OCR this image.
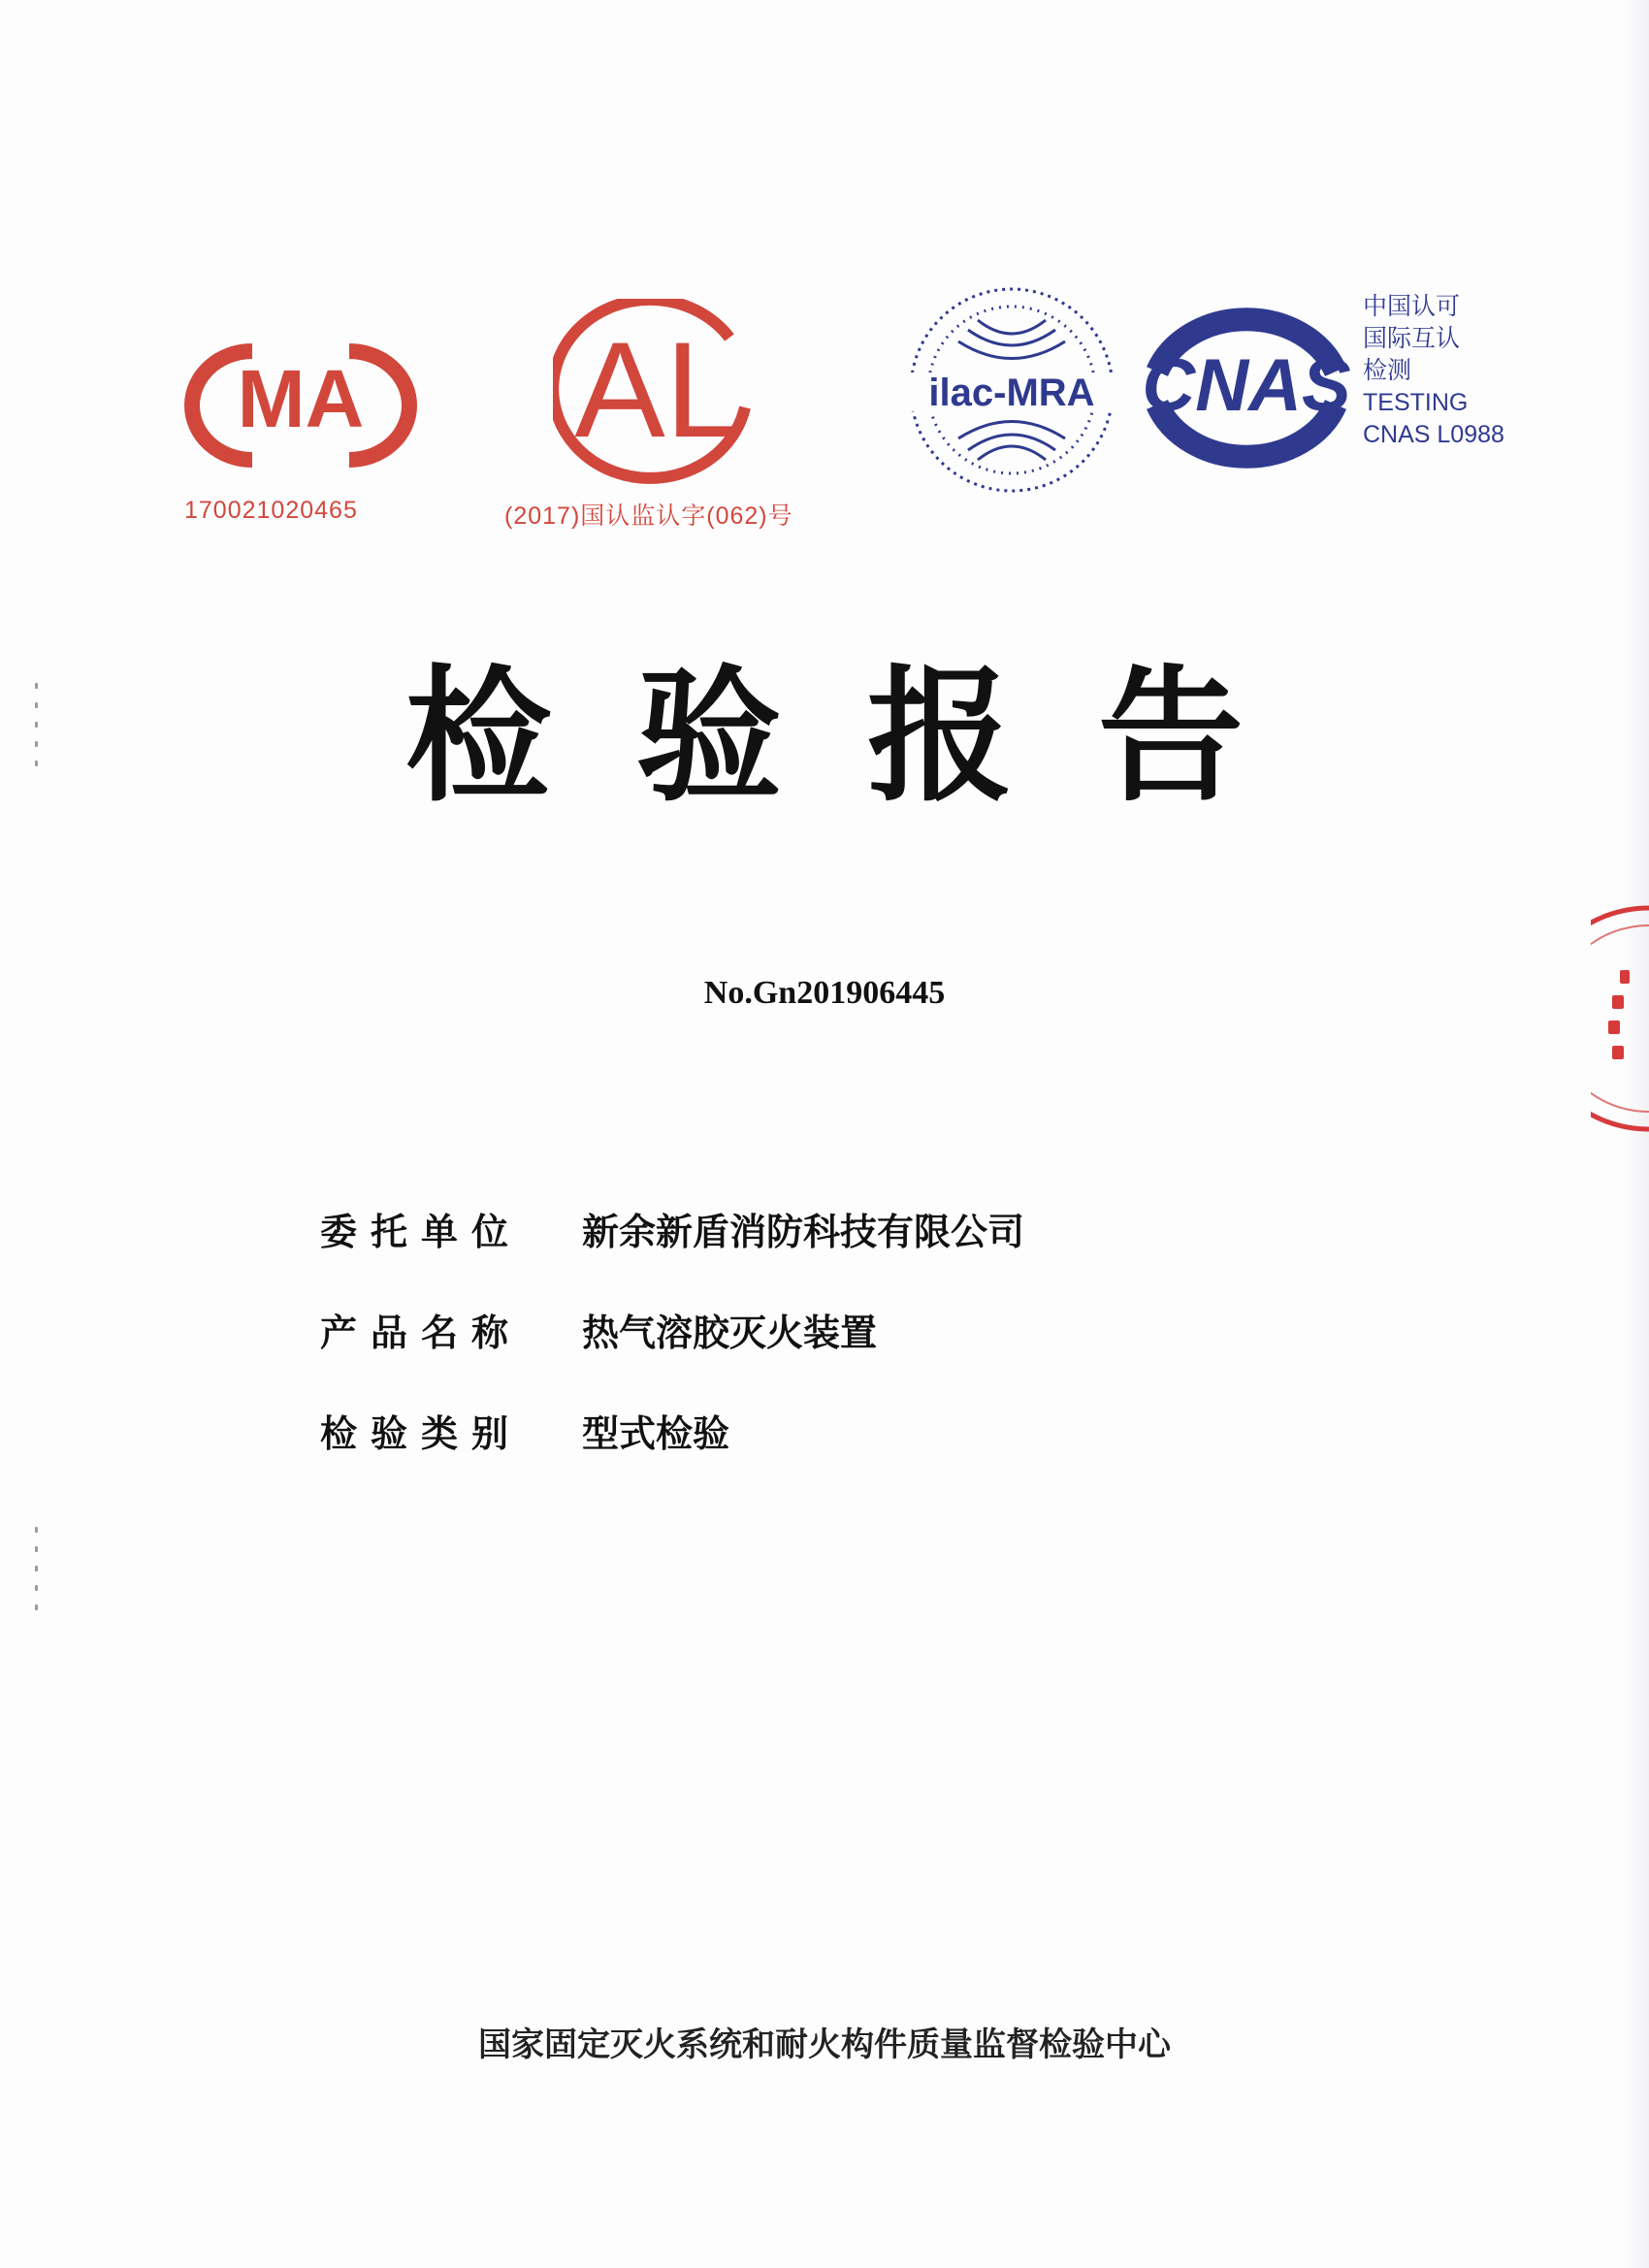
MA
170021020465
AL
(2017)国认监认字(062)号
ilac-MRA CNAS
中国认可
国际互认
检测
TESTING
CNAS L0988
检验报告
No.Gn201906445
委托单位	新余新盾消防科技有限公司
产品名称	热气溶胶灭火装置
检验类别	型式检验
国家固定灭火系统和耐火构件质量监督检验中心
